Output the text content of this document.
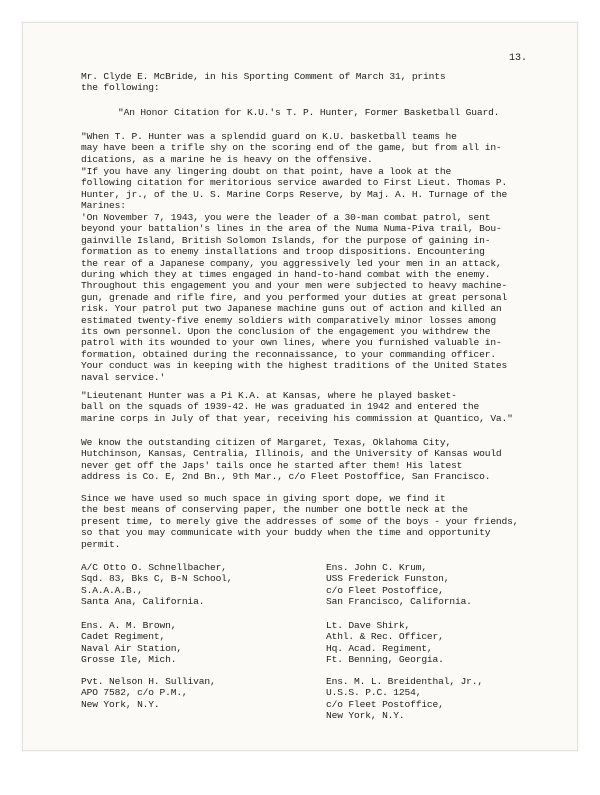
13.
Mr. Clyde E. McBride, in his Sporting Comment of March 31, prints
the following:
"An Honor Citation for K.U.'s T. P. Hunter, Former Basketball Guard.
"When T. P. Hunter was a splendid guard on K.U. basketball teams he
may have been a trifle shy on the scoring end of the game, but from all in-
dications, as a marine he is heavy on the offensive.
"If you have any lingering doubt on that point, have a look at the
following citation for meritorious service awarded to First Lieut. Thomas P.
Hunter, jr., of the U. S. Marine Corps Reserve, by Maj. A. H. Turnage of the
Marines:
'On November 7, 1943, you were the leader of a 30-man combat patrol, sent
beyond your battalion's lines in the area of the Numa Numa-Piva trail, Bou-
gainville Island, British Solomon Islands, for the purpose of gaining in-
formation as to enemy installations and troop dispositions. Encountering
the rear of a Japanese company, you aggressively led your men in an attack,
during which they at times engaged in hand-to-hand combat with the enemy.
Throughout this engagement you and your men were subjected to heavy machine-
gun, grenade and rifle fire, and you performed your duties at great personal
risk. Your patrol put two Japanese machine guns out of action and killed an
estimated twenty-five enemy soldiers with comparatively minor losses among
its own personnel. Upon the conclusion of the engagement you withdrew the
patrol with its wounded to your own lines, where you furnished valuable in-
formation, obtained during the reconnaissance, to your commanding officer.
Your conduct was in keeping with the highest traditions of the United States
naval service.'
"Lieutenant Hunter was a Pi K.A. at Kansas, where he played basket-
ball on the squads of 1939-42. He was graduated in 1942 and entered the
marine corps in July of that year, receiving his commission at Quantico, Va."
We know the outstanding citizen of Margaret, Texas, Oklahoma City,
Hutchinson, Kansas, Centralia, Illinois, and the University of Kansas would
never get off the Japs' tails once he started after them! His latest
address is Co. E, 2nd Bn., 9th Mar., c/o Fleet Postoffice, San Francisco.
Since we have used so much space in giving sport dope, we find it
the best means of conserving paper, the number one bottle neck at the
present time, to merely give the addresses of some of the boys - your friends,
so that you may communicate with your buddy when the time and opportunity
permit.
A/C Otto O. Schnellbacher,
Sqd. 83, Bks C, B-N School,
S.A.A.A.B.,
Santa Ana, California.
Ens. A. M. Brown,
Cadet Regiment,
Naval Air Station,
Grosse Ile, Mich.
Pvt. Nelson H. Sullivan,
APO 7582, c/o P.M.,
New York, N.Y.
Ens. John C. Krum,
USS Frederick Funston,
c/o Fleet Postoffice,
San Francisco, California.
Lt. Dave Shirk,
Athl. & Rec. Officer,
Hq. Acad. Regiment,
Ft. Benning, Georgia.
Ens. M. L. Breidenthal, Jr.,
U.S.S. P.C. 1254,
c/o Fleet Postoffice,
New York, N.Y.
